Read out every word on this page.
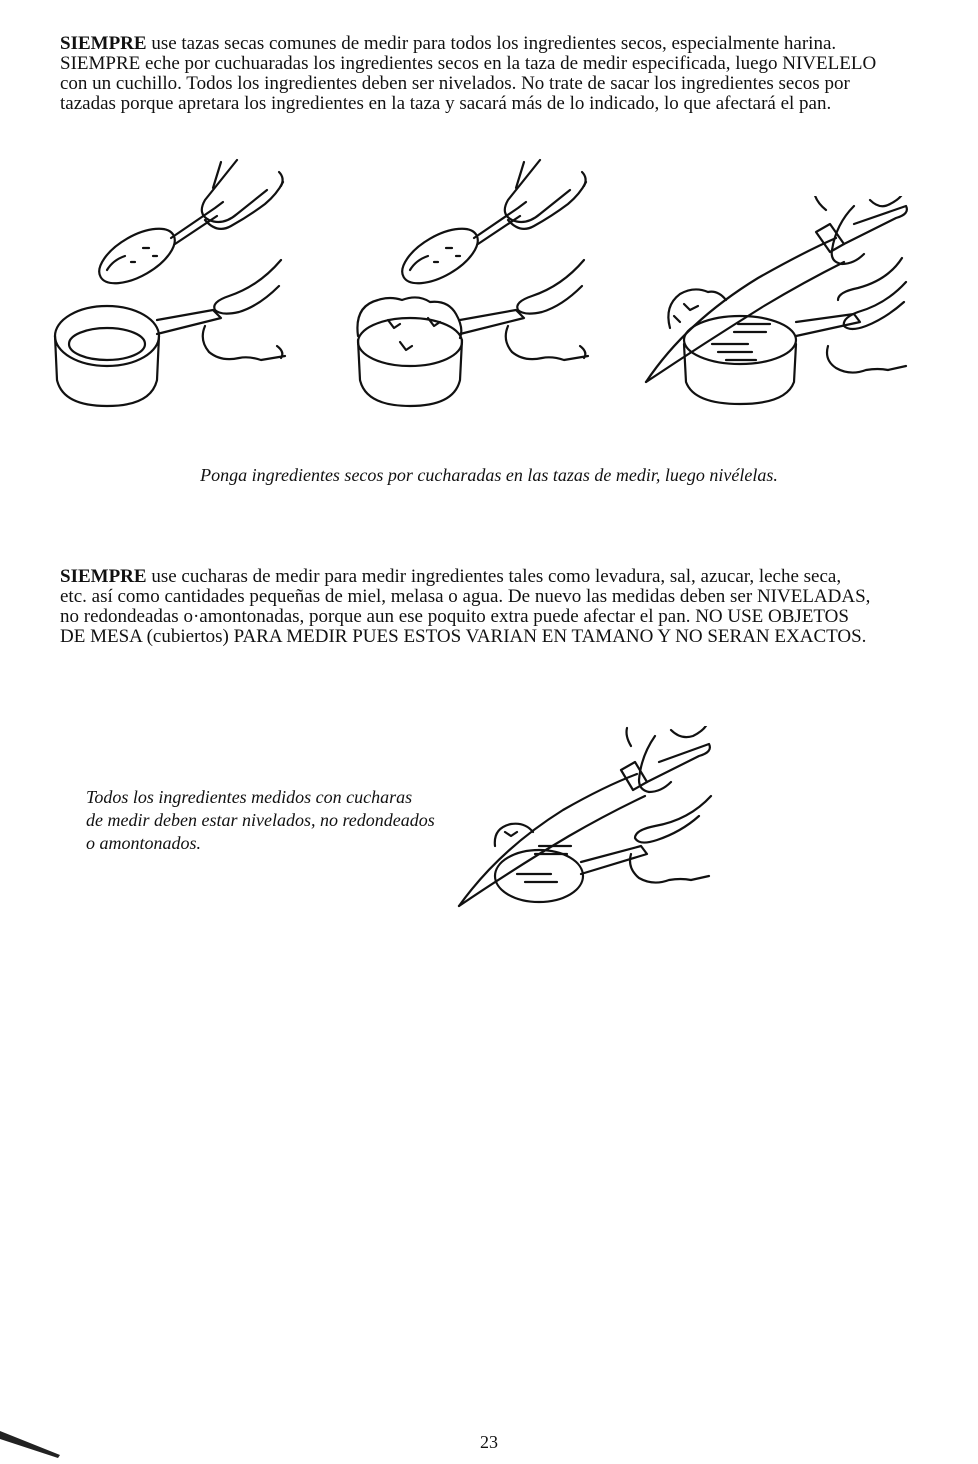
SIEMPRE use tazas secas comunes de medir para todos los ingredientes secos, especialmente harina.
SIEMPRE eche por cuchuaradas los ingredientes secos en la taza de medir especificada, luego NIVELELO
con un cuchillo. Todos los ingredientes deben ser nivelados. No trate de sacar los ingredientes secos por
tazadas porque apretara los ingredientes en la taza y sacará más de lo indicado, lo que afectará el pan.
Ponga ingredientes secos por cucharadas en las tazas de medir, luego nivélelas.
SIEMPRE use cucharas de medir para medir ingredientes tales como levadura, sal, azucar, leche seca,
etc. así como cantidades pequeñas de miel, melasa o agua. De nuevo las medidas deben ser NIVELADAS,
no redondeadas o·amontonadas, porque aun ese poquito extra puede afectar el pan. NO USE OBJETOS
DE MESA (cubiertos) PARA MEDIR PUES ESTOS VARIAN EN TAMANO Y NO SERAN EXACTOS.
Todos los ingredientes medidos con cucharas
de medir deben estar nivelados, no redondeados
o amontonados.
23
